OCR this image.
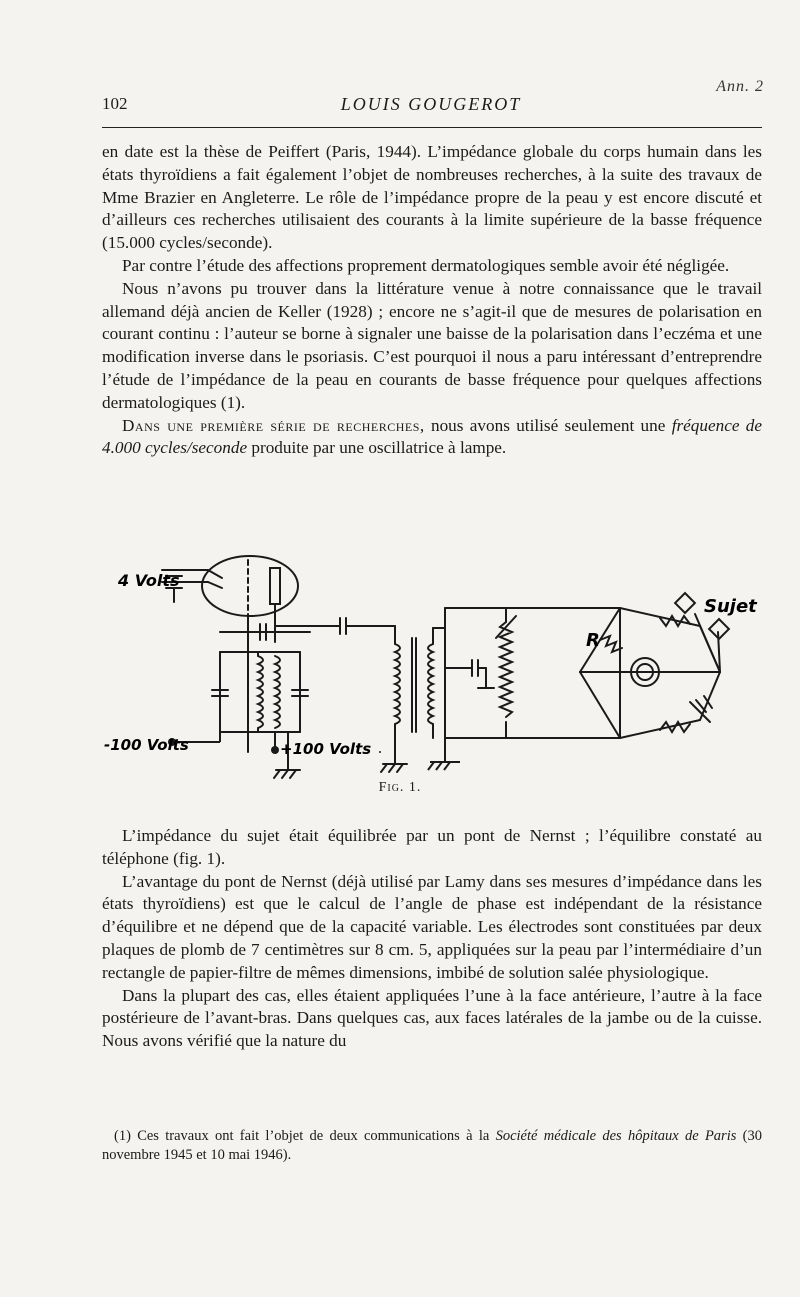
Ann. 2
102	LOUIS GOUGEROT

en date est la thèse de Peiffert (Paris, 1944). L’impédance globale du corps humain dans les états thyroïdiens a fait également l’objet de nombreuses recherches, à la suite des travaux de Mme Brazier en Angleterre. Le rôle de l’impédance propre de la peau y est encore discuté et d’ailleurs ces recherches utilisaient des courants à la limite supérieure de la basse fréquence (15.000 cycles/seconde).

Par contre l’étude des affections proprement dermatologiques semble avoir été négligée.

Nous n’avons pu trouver dans la littérature venue à notre connaissance que le travail allemand déjà ancien de Keller (1928) ; encore ne s’agit-il que de mesures de polarisation en courant continu : l’auteur se borne à signaler une baisse de la polarisation dans l’eczéma et une modification inverse dans le psoriasis. C’est pourquoi il nous a paru intéressant d’entreprendre l’étude de l’impédance de la peau en courants de basse fréquence pour quelques affections dermatologiques (1).

Dans une première série de recherches, nous avons utilisé seulement une fréquence de 4.000 cycles/seconde produite par une oscillatrice à lampe.

4 Volts
-100 Volts	+100 Volts
R
Sujet
Fig. 1.

L’impédance du sujet était équilibrée par un pont de Nernst ; l’équilibre constaté au téléphone (fig. 1).

L’avantage du pont de Nernst (déjà utilisé par Lamy dans ses mesures d’impédance dans les états thyroïdiens) est que le calcul de l’angle de phase est indépendant de la résistance d’équilibre et ne dépend que de la capacité variable. Les électrodes sont constituées par deux plaques de plomb de 7 centimètres sur 8 cm. 5, appliquées sur la peau par l’intermédiaire d’un rectangle de papier-filtre de mêmes dimensions, imbibé de solution salée physiologique.

Dans la plupart des cas, elles étaient appliquées l’une à la face antérieure, l’autre à la face postérieure de l’avant-bras. Dans quelques cas, aux faces latérales de la jambe ou de la cuisse. Nous avons vérifié que la nature du

(1) Ces travaux ont fait l’objet de deux communications à la Société médicale des hôpitaux de Paris (30 novembre 1945 et 10 mai 1946).
